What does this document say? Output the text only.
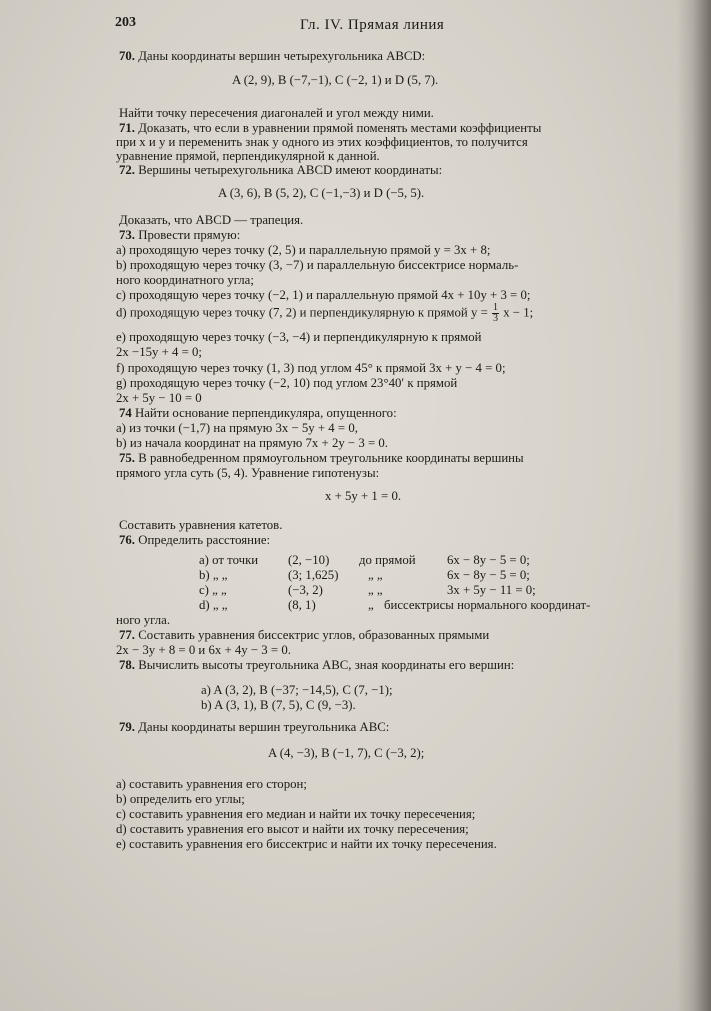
203	Гл. IV. Прямая линия
70. Даны координаты вершин четырехугольника ABCD:
A (2, 9), B (−7,−1), C (−2, 1) и D (5, 7).
Найти точку пересечения диагоналей и угол между ними.
71. Доказать, что если в уравнении прямой поменять местами коэффициенты
при x и y и переменить знак у одного из этих коэффициентов, то получится
уравнение прямой, перпендикулярной к данной.
72. Вершины четырехугольника ABCD имеют координаты:
A (3, 6), B (5, 2), C (−1,−3) и D (−5, 5).
Доказать, что ABCD — трапеция.
73. Провести прямую:
a) проходящую через точку (2, 5) и параллельную прямой y = 3x + 8;
b) проходящую через точку (3, −7) и параллельную биссектрисе нормаль-
ного координатного угла;
c) проходящую через точку (−2, 1) и параллельную прямой 4x + 10y + 3 = 0;
d) проходящую через точку (7, 2) и перпендикулярную к прямой $y = \frac{1}{3}$ x − 1;
e) проходящую через точку (−3, −4) и перпендикулярную к прямой
2x −15y + 4 = 0;
f) проходящую через точку (1, 3) под углом 45° к прямой 3x + y − 4 = 0;
g) проходящую через точку (−2, 10) под углом 23°40′ к прямой
2x + 5y − 10 = 0
74 Найти основание перпендикуляра, опущенного:
a) из точки (−1,7) на прямую 3x − 5y + 4 = 0,
b) из начала координат на прямую 7x + 2y − 3 = 0.
75. В равнобедренном прямоугольном треугольнике координаты вершины
прямого угла суть (5, 4). Уравнение гипотенузы:
x + 5y + 1 = 0.
Составить уравнения катетов.
76. Определить расстояние:
a) от точки (2, −10) до прямой 6x − 8y − 5 = 0;
b) „ „	(3; 1,625) „ „	6x − 8y − 5 = 0;
c) „ „	(−3, 2)	„ „	3x + 5y − 11 = 0;
d) „ „	(8, 1)	„ биссектрисы нормального координат-
ного угла.
77. Составить уравнения биссектрис углов, образованных прямыми
2x − 3y + 8 = 0 и 6x + 4y − 3 = 0.
78. Вычислить высоты треугольника ABC, зная координаты его вершин:
a) A (3, 2), B (−37; −14,5), C (7, −1);
b) A (3, 1), B (7, 5), C (9, −3).
79. Даны координаты вершин треугольника ABC:
A (4, −3), B (−1, 7), C (−3, 2);
a) составить уравнения его сторон;
b) определить его углы;
c) составить уравнения его медиан и найти их точку пересечения;
d) составить уравнения его высот и найти их точку пересечения;
e) составить уравнения его биссектрис и найти их точку пересечения.
